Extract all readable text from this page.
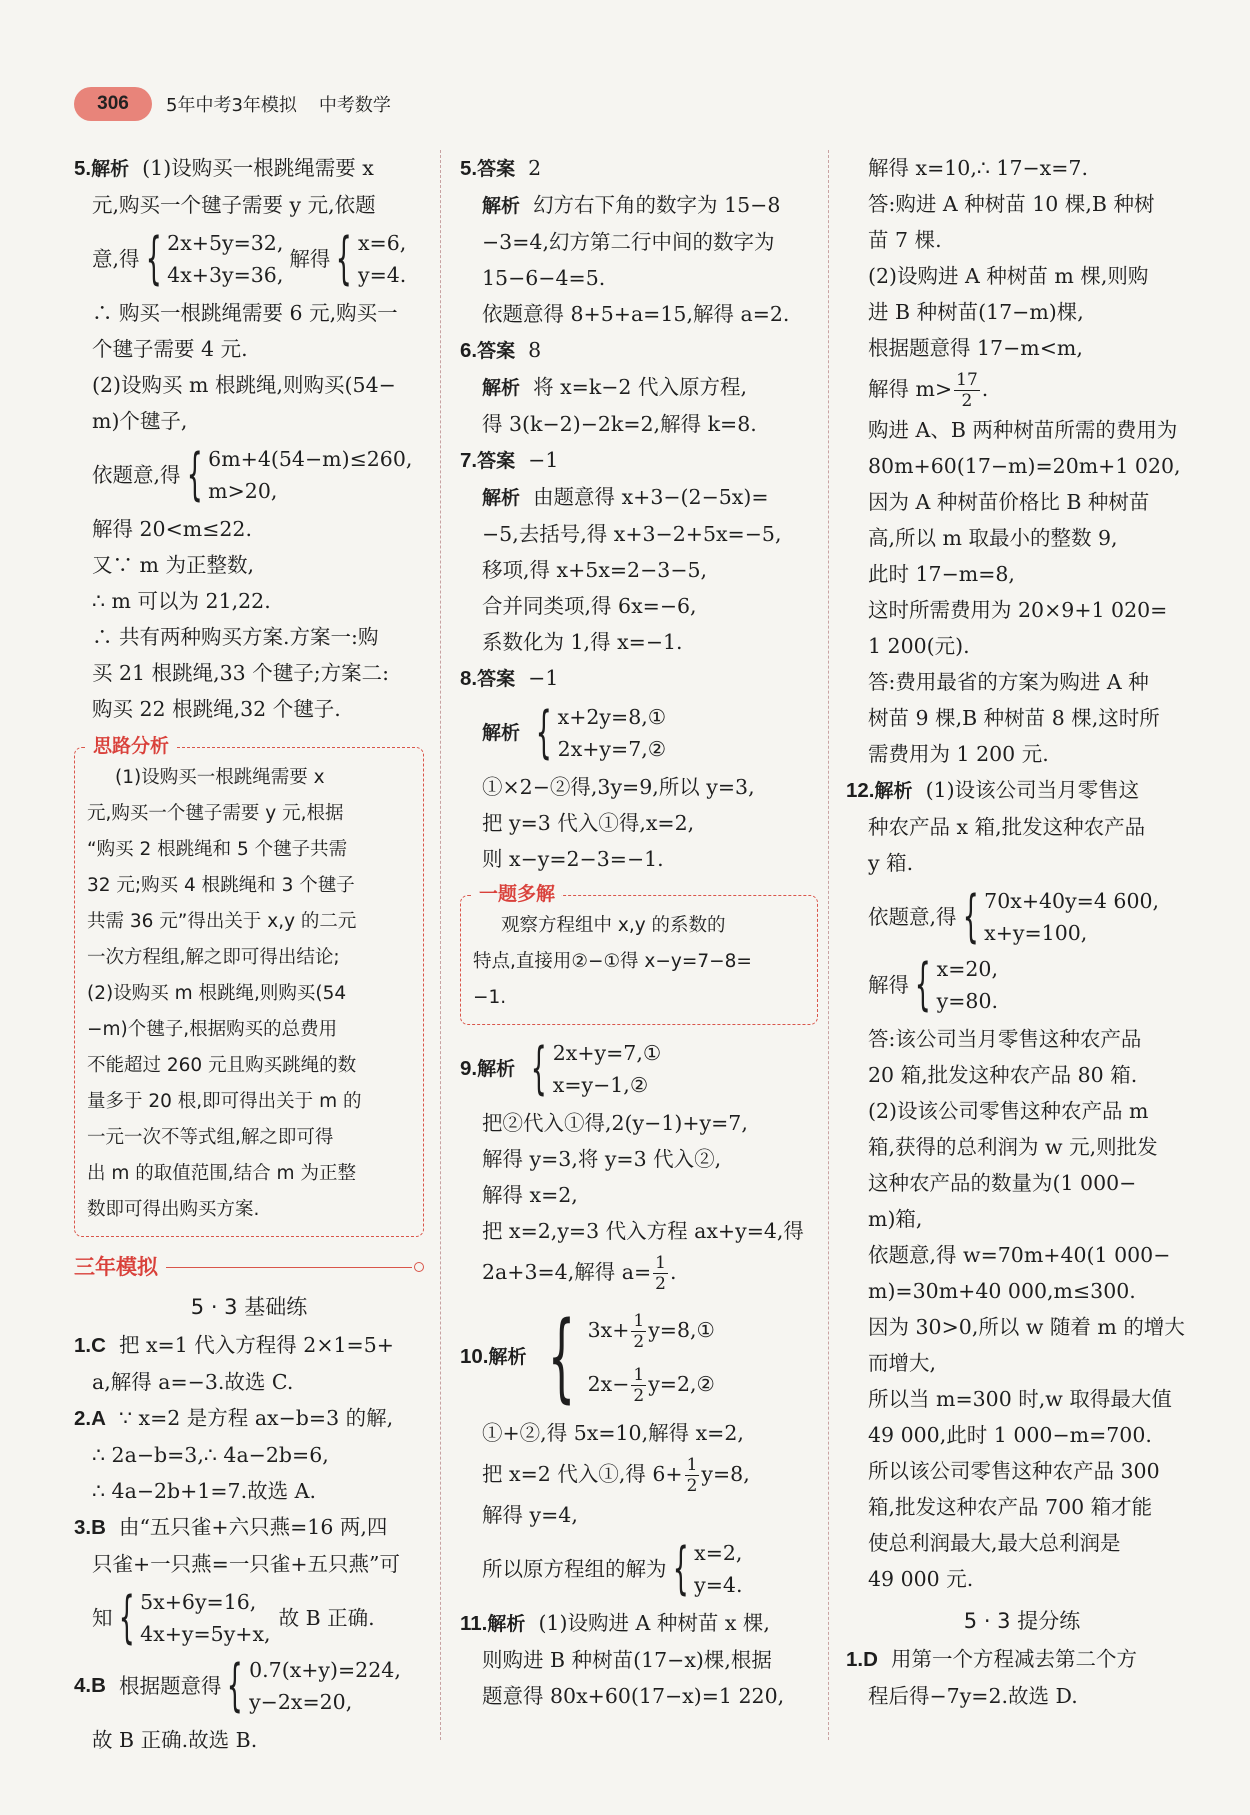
306	5年中考3年模拟 中考数学

5.解析 (1)设购买一根跳绳需要 x

元,购买一个毽子需要 y 元,依题

意,得 { 2x+5y=32,
4x+3y=36,
解得 { x=6,
y=4.

∴ 购买一根跳绳需要 6 元,购买一

个毽子需要 4 元.

(2)设购买 m 根跳绳,则购买(54−

m)个毽子,

依题意,得 { 6m+4(54−m)≤260,
m>20,

解得 20<m≤22.

又∵ m 为正整数,

∴ m 可以为 21,22.

∴ 共有两种购买方案.方案一:购

买 21 根跳绳,33 个毽子;方案二:

购买 22 根跳绳,32 个毽子.

思路分析

(1)设购买一根跳绳需要 x

元,购买一个毽子需要 y 元,根据

“购买 2 根跳绳和 5 个毽子共需

32 元;购买 4 根跳绳和 3 个毽子

共需 36 元”得出关于 x,y 的二元

一次方程组,解之即可得出结论;

(2)设购买 m 根跳绳,则购买(54

−m)个毽子,根据购买的总费用

不能超过 260 元且购买跳绳的数

量多于 20 根,即可得出关于 m 的

一元一次不等式组,解之即可得

出 m 的取值范围,结合 m 为正整

数即可得出购买方案.

三年模拟
5 · 3 基础练

1.C 把 x=1 代入方程得 2×1=5+

a,解得 a=−3.故选 C.

2.A ∵ x=2 是方程 ax−b=3 的解,

∴ 2a−b=3,∴ 4a−2b=6,

∴ 4a−2b+1=7.故选 A.

3.B 由“五只雀+六只燕=16 两,四

只雀+一只燕=一只雀+五只燕”可

知 { 5x+6y=16,
4x+y=5y+x,
故 B 正确.
4.B
根据题意得 { 0.7(x+y)=224,
y−2x=20,

故 B 正确.故选 B.

5.答案 2

解析 幻方右下角的数字为 15−8

−3=4,幻方第二行中间的数字为

15−6−4=5.

依题意得 8+5+a=15,解得 a=2.

6.答案 8

解析 将 x=k−2 代入原方程,

得 3(k−2)−2k=2,解得 k=8.

7.答案 −1

解析 由题意得 x+3−(2−5x)=

−5,去括号,得 x+3−2+5x=−5,

移项,得 x+5x=2−3−5,

合并同类项,得 6x=−6,

系数化为 1,得 x=−1.

8.答案 −1

解析 { x+2y=8,①
2x+y=7,②

①×2−②得,3y=9,所以 y=3,

把 y=3 代入①得,x=2,

则 x−y=2−3=−1.

一题多解

观察方程组中 x,y 的系数的

特点,直接用②−①得 x−y=7−8=

−1.

9. 解析 { 2x+y=7,①
x=y−1,②

把②代入①得,2(y−1)+y=7,

解得 y=3,将 y=3 代入②,

解得 x=2,

把 x=2,y=3 代入方程 ax+y=4,得

2a+3=4,解得 $a= \frac{1}{2}$ .

10. 解析 { $3x+ \frac{1}{2}$ y=8,①
$2x- \frac{1}{2}$ y=2,②

①+②,得 5x=10,解得 x=2,

把 x=2 代入①,得 $6+ \frac{1}{2} y=8$,

解得 y=4,

所以原方程组的解为 { x=2,
y=4.

11.解析 (1)设购进 A 种树苗 x 棵,

则购进 B 种树苗(17−x)棵,根据

题意得 80x+60(17−x)=1 220,

解得 x=10,∴ 17−x=7.

答:购进 A 种树苗 10 棵,B 种树

苗 7 棵.

(2)设购进 A 种树苗 m 棵,则购

进 B 种树苗(17−m)棵,

根据题意得 17−m<m,

解得 $m> \frac{17}{2}$ .

购进 A、B 两种树苗所需的费用为

80m+60(17−m)=20m+1 020,

因为 A 种树苗价格比 B 种树苗

高,所以 m 取最小的整数 9,

此时 17−m=8,

这时所需费用为 20×9+1 020=

1 200(元).

答:费用最省的方案为购进 A 种

树苗 9 棵,B 种树苗 8 棵,这时所

需费用为 1 200 元.

12.解析 (1)设该公司当月零售这

种农产品 x 箱,批发这种农产品

y 箱.

依题意,得 { 70x+40y=4 600,
x+y=100,
解得 { x=20,
y=80.

答:该公司当月零售这种农产品

20 箱,批发这种农产品 80 箱.

(2)设该公司零售这种农产品 m

箱,获得的总利润为 w 元,则批发

这种农产品的数量为(1 000−

m)箱,

依题意,得 w=70m+40(1 000−

m)=30m+40 000,m≤300.

因为 30>0,所以 w 随着 m 的增大

而增大,

所以当 m=300 时,w 取得最大值

49 000,此时 1 000−m=700.

所以该公司零售这种农产品 300

箱,批发这种农产品 700 箱才能

使总利润最大,最大总利润是

49 000 元.

5 · 3 提分练

1.D 用第一个方程减去第二个方

程后得−7y=2.故选 D.
